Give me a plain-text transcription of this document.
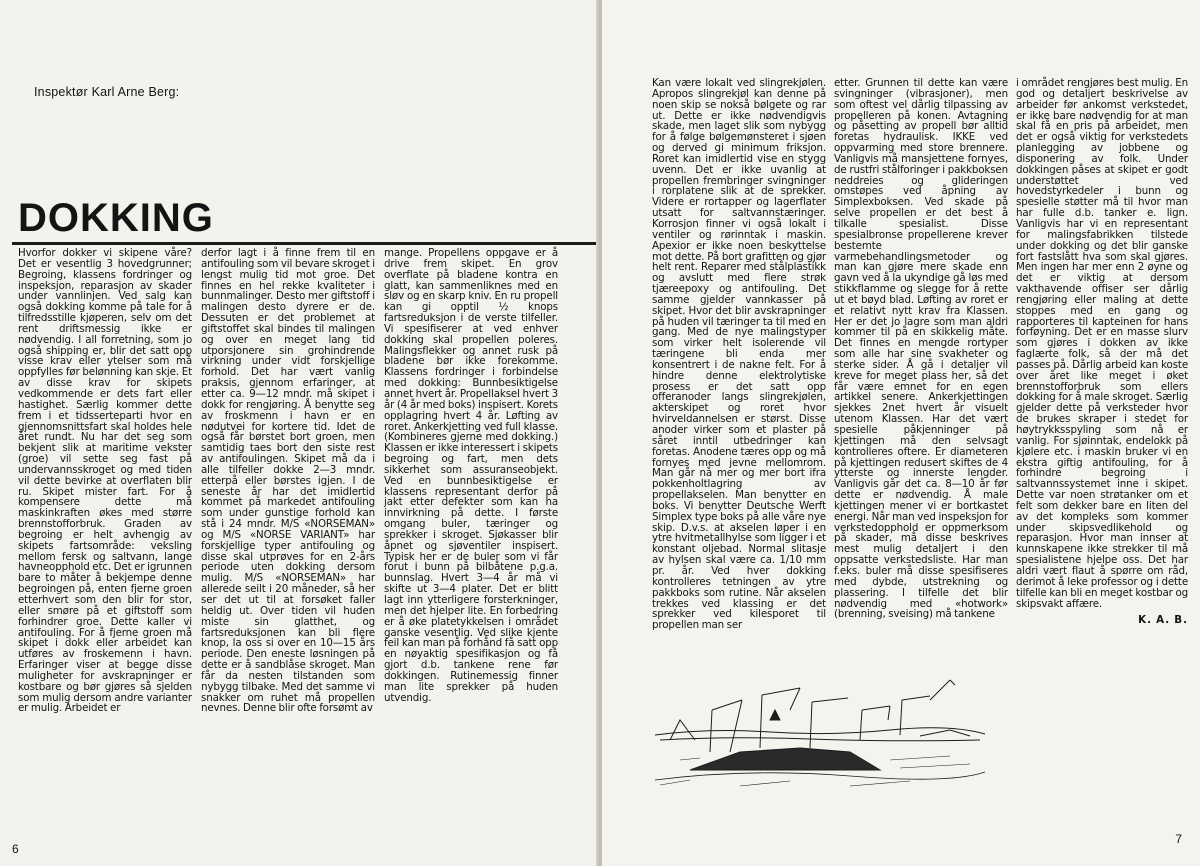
Inspektør Karl Arne Berg:
DOKKING

Hvorfor dokker vi skipene våre? Det er vesentlig 3 hovedgrunner; Begroing, klassens fordringer og inspeksjon, reparasjon av skader under vannlinjen. Ved salg kan også dokking komme på tale for å tilfredsstille kjøperen, selv om det rent driftsmessig ikke er nødvendig. I all forretning, som jo også shipping er, blir det satt opp visse krav eller ytelser som må oppfylles før belønning kan skje. Et av disse krav for skipets vedkommende er dets fart eller hastighet. Særlig kommer dette frem i et tidsserteparti hvor en gjennomsnittsfart skal holdes hele året rundt. Nu har det seg som bekjent slik at maritime vekster (groe) vil sette seg fast på undervannsskroget og med tiden vil dette bevirke at overflaten blir ru. Skipet mister fart. For å kompensere dette må maskinkraften økes med større brennstofforbruk. Graden av begroing er helt avhengig av skipets fartsområde: veksling mellom fersk og saltvann, lange havneopphold etc. Det er igrunnen bare to måter å bekjempe denne begroingen på, enten fjerne groen etterhvert som den blir for stor, eller smøre på et giftstoff som forhindrer groe. Dette kaller vi antifouling. For å fjerne groen må skipet i dokk eller arbeidet kan utføres av froskemenn i havn. Erfaringer viser at begge disse muligheter for avskrapninger er kostbare og bør gjøres så sjelden som mulig dersom andre varianter er mulig. Arbeidet er

derfor lagt i å finne frem til en antifouling som vil bevare skroget i lengst mulig tid mot groe. Det finnes en hel rekke kvaliteter i bunnmalinger. Desto mer giftstoff i malingen desto dyrere er de. Dessuten er det problemet at giftstoffet skal bindes til malingen og over en meget lang tid utporsjonere sin grohindrende virkning under vidt forskjellige forhold. Det har vært vanlig praksis, gjennom erfaringer, at etter ca. 9—12 mndr. må skipet i dokk for rengjøring. Å benytte seg av froskmenn i havn er en nødutvei for kortere tid. Idet de også får børstet bort groen, men samtidig taes bort den siste rest av antifoulingen. Skipet må da i alle tilfeller dokke 2—3 mndr. etterpå eller børstes igjen. I de seneste år har det imidlertid kommet på markedet antifouling som under gunstige forhold kan stå i 24 mndr. M/S «NORSEMAN» og M/S «NORSE VARIANT» har forskjellige typer antifouling og disse skal utprøves for en 2-års periode uten dokking dersom mulig. M/S «NORSEMAN» har allerede seilt i 20 måneder, så her ser det ut til at forsøket faller heldig ut. Over tiden vil huden miste sin glatthet, og fartsreduksjonen kan bli flere knop, la oss si over en 10—15 års periode. Den eneste løsningen på dette er å sandblåse skroget. Man får da nesten tilstanden som nybygg tilbake. Med det samme vi snakker om ruhet må propellen nevnes. Denne blir ofte forsømt av

mange. Propellens oppgave er å drive frem skipet. En grov overflate på bladene kontra en glatt, kan sammenliknes med en sløv og en skarp kniv. En ru propell kan gi opptil ½ knops fartsreduksjon i de verste tilfeller. Vi spesifiserer at ved enhver dokking skal propellen poleres. Malingsflekker og annet rusk på bladene bør ikke forekomme. Klassens fordringer i forbindelse med dokking: Bunnbesiktigelse annet hvert år. Propellaksel hvert 3 år (4 år med boks) inspisert. Korets opplagring hvert 4 år. Løfting av roret. Ankerkjetting ved full klasse. (Kombineres gjerne med dokking.) Klassen er ikke interessert i skipets begroing og fart, men dets sikkerhet som assuranseobjekt. Ved en bunnbesiktigelse er klassens representant derfor på jakt etter defekter som kan ha innvirkning på dette. I første omgang buler, tæringer og sprekker i skroget. Sjøkasser blir åpnet og sjøventiler inspisert. Typisk her er de buler som vi får forut i bunn på bilbåtene p.g.a. bunnslag. Hvert 3—4 år må vi skifte ut 3—4 plater. Det er blitt lagt inn ytterligere forsterkninger, men det hjelper lite. En forbedring er å øke platetykkelsen i området ganske vesentlig. Ved slike kjente feil kan man på forhånd få satt opp en nøyaktig spesifikasjon og få gjort d.b. tankene rene før dokkingen. Rutinemessig finner man lite sprekker på huden utvendig.

6

Kan være lokalt ved slingrekjølen. Apropos slingrekjøl kan denne på noen skip se nokså bølgete og rar ut. Dette er ikke nødvendigvis skade, men laget slik som nybygg for å følge bølgemønsteret i sjøen og derved gi minimum friksjon. Roret kan imidlertid vise en stygg uvenn. Det er ikke uvanlig at propellen frembringer svingninger i rorplatene slik at de sprekker. Videre er rortapper og lagerflater utsatt for saltvannstæringer. Korrosjon finner vi også lokalt i ventiler og rørinntak i maskin. Apexior er ikke noen beskyttelse mot dette. På bort grafitten og gjør helt rent. Reparer med stålplastikk og avslutt med flere strøk tjæreepoxy og antifouling. Det samme gjelder vannkasser på skipet. Hvor det blir avskrapninger på huden vil tæringer ta til med en gang. Med de nye malingstyper som virker helt isolerende vil tæringene bli enda mer konsentrert i de nakne felt. For å hindre denne elektrolytiske prosess er det satt opp offeranoder langs slingrekjølen, akterskipet og roret hvor hvirveldannelsen er størst. Disse anoder virker som et plaster på såret inntil utbedringer kan foretas. Anodene tæres opp og må fornyes med jevne mellomrom. Man går nå mer og mer bort ifra pokkenholtlagring av propellakselen. Man benytter en boks. Vi benytter Deutsche Werft Simplex type boks på alle våre nye skip. D.v.s. at akselen løper i en ytre hvitmetallhylse som ligger i et konstant oljebad. Normal slitasje av hylsen skal være ca. 1/10 mm pr. år. Ved hver dokking kontrolleres tetningen av ytre pakkboks som rutine. Når akselen trekkes ved klassing er det sprekker ved kilesporet til propellen man ser

etter. Grunnen til dette kan være svingninger (vibrasjoner), men som oftest vel dårlig tilpassing av propelleren på konen. Avtagning og påsetting av propell bør alltid foretas hydraulisk. IKKE ved oppvarming med store brennere. Vanligvis må mansjettene fornyes, de rustfri stålforinger i pakkboksen neddreies og glideringen omstøpes ved åpning av Simplexboksen. Ved skade på selve propellen er det best å tilkalle spesialist. Disse spesialbronse propellerene krever bestemte varmebehandlingsmetoder og man kan gjøre mere skade enn gavn ved å la ukyndige gå løs med stikkflamme og slegge for å rette ut et bøyd blad. Løfting av roret er et relativt nytt krav fra Klassen. Her er det jo lagre som man aldri kommer til på en skikkelig måte. Det finnes en mengde rortyper som alle har sine svakheter og sterke sider. Å gå i detaljer vil kreve for meget plass her, så det får være emnet for en egen artikkel senere. Ankerkjettingen sjekkes 2net hvert år visuelt utenom Klassen. Har det vært spesielle påkjenninger på kjettingen må den selvsagt kontrolleres oftere. Er diameteren på kjettingen redusert skiftes de 4 ytterste og innerste lengder. Vanligvis går det ca. 8—10 år før dette er nødvendig. Å male kjettingen mener vi er bortkastet energi. Når man ved inspeksjon for verkstedopphold er oppmerksom på skader, må disse beskrives mest mulig detaljert i den oppsatte verkstedsliste. Har man f.eks. buler må disse spesifiseres med dybde, utstrekning og plassering. I tilfelle det blir nødvendig med «hotwork» (brenning, sveising) må tankene

i området rengjøres best mulig. En god og detaljert beskrivelse av arbeider før ankomst verkstedet, er ikke bare nødvendig for at man skal få en pris på arbeidet, men det er også viktig for verkstedets planlegging av jobbene og disponering av folk. Under dokkingen påses at skipet er godt understøttet ved hovedstyrkedeler i bunn og spesielle støtter må til hvor man har fulle d.b. tanker e. lign. Vanligvis har vi en representant for malingsfabrikken tilstede under dokking og det blir ganske fort fastslått hva som skal gjøres. Men ingen har mer enn 2 øyne og det er viktig at dersom vakthavende offiser ser dårlig rengjøring eller maling at dette stoppes med en gang og rapporteres til kapteinen for hans forføyning. Det er en masse slurv som gjøres i dokken av ikke faglærte folk, så der må det passes på. Dårlig arbeid kan koste over året like meget i øket brennstofforbruk som ellers dokking for å male skroget. Særlig gjelder dette på verksteder hvor de brukes skraper i stedet for høytrykksspyling som nå er vanlig. For sjøinntak, endelokk på kjølere etc. i maskin bruker vi en ekstra giftig antifouling, for å forhindre begroing i saltvannssystemet inne i skipet. Dette var noen strøtanker om et felt som dekker bare en liten del av det kompleks som kommer under skipsvedlikehold og reparasjon. Hvor man innser at kunnskapene ikke strekker til må spesialistene hjelpe oss. Det har aldri vært flaut å spørre om råd, derimot å leke professor og i dette tilfelle kan bli en meget kostbar og skipsvakt affære.

K. A. B.
7
